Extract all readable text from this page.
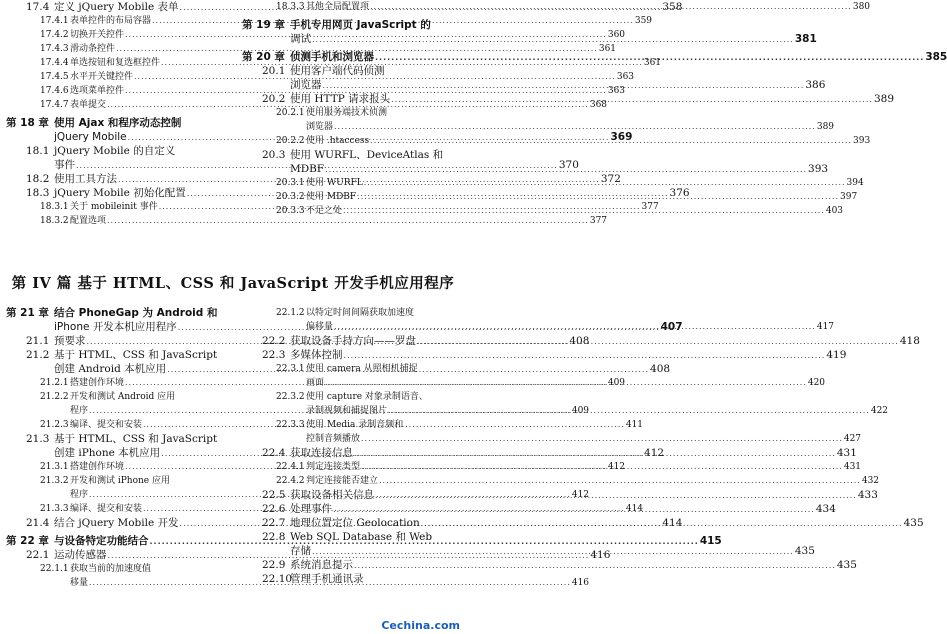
17.4 定义 jQuery Mobile 表单 .....	358
17.4.1 表单控件的布局容器 .....	359
17.4.2 切换开关控件 .....	360
17.4.3 滑动条控件 .....	361
17.4.4 单选按钮和复选框控件 .....	361
17.4.5 水平开关键控件 .....	363
17.4.6 选项菜单控件 .....	363
17.4.7 表单提交 .....	368
第 18 章 使用 Ajax 和程序动态控制
jQuery Mobile .....	369
18.1 jQuery Mobile 的自定义
事件 .....	370
18.2 使用工具方法 .....	372
18.3 jQuery Mobile 初始化配置 .....	376
18.3.1 关于 mobileinit 事件 .....	377
18.3.2 配置选项 .....	377
18.3.3 其他全局配置项 .....	380
第 19 章 手机专用网页 JavaScript 的
调试 .....	381
第 20 章 侦测手机和浏览器 .....	385
20.1 使用客户端代码侦测
浏览器 .....	386
20.2 使用 HTTP 请求报头 .....	389
20.2.1 使用服务端技术侦测
浏览器 .....	389
20.2.2 使用 .htaccess .....	393
20.3 使用 WURFL、DeviceAtlas 和
MDBF .....	393
20.3.1 使用 WURFL .....	394
20.3.2 使用 MDBF .....	397
20.3.3 不足之处 .....	403
第 IV 篇 基于 HTML、CSS 和 JavaScript 开发手机应用程序
第 21 章 结合 PhoneGap 为 Android 和
iPhone 开发本机应用程序 .....	407
21.1 预要求 .....	408
21.2 基于 HTML、CSS 和 JavaScript
创建 Android 本机应用 .....	408
21.2.1 搭建创作环境 .....	409
21.2.2 开发和测试 Android 应用
程序 .....	409
21.2.3 编译、提交和安装 .....	411
21.3 基于 HTML、CSS 和 JavaScript
创建 iPhone 本机应用 .....	412
21.3.1 搭建创作环境 .....	412
21.3.2 开发和测试 iPhone 应用
程序 .....	412
21.3.3 编译、提交和安装 .....	414
21.4 结合 jQuery Mobile 开发 .....	414
第 22 章 与设备特定功能结合 .....	415
22.1 运动传感器 .....	416
22.1.1 获取当前的加速度值
移量 .....	416
22.1.2 以特定时间间隔获取加速度
偏移量 .....	417
22.2 获取设备手持方向——罗盘 .....	418
22.3 多媒体控制 .....	419
22.3.1 使用 camera 从照相机捕捉
画面 .....	420
22.3.2 使用 capture 对象录制语音、
录制视频和捕捉图片 .....	422
22.3.3 使用 Media 录制音频和
控制音频播放 .....	427
22.4 获取连接信息 .....	431
22.4.1 判定连接类型 .....	431
22.4.2 判定连接能否建立 .....	432
22.5 获取设备相关信息 .....	433
22.6 处理事件 .....	434
22.7 地理位置定位 Geolocation .....	435
22.8 Web SQL Database 和 Web
存储 .....	435
22.9 系统消息提示 .....	435
22.10
管理手机通讯录
Cechina.com
